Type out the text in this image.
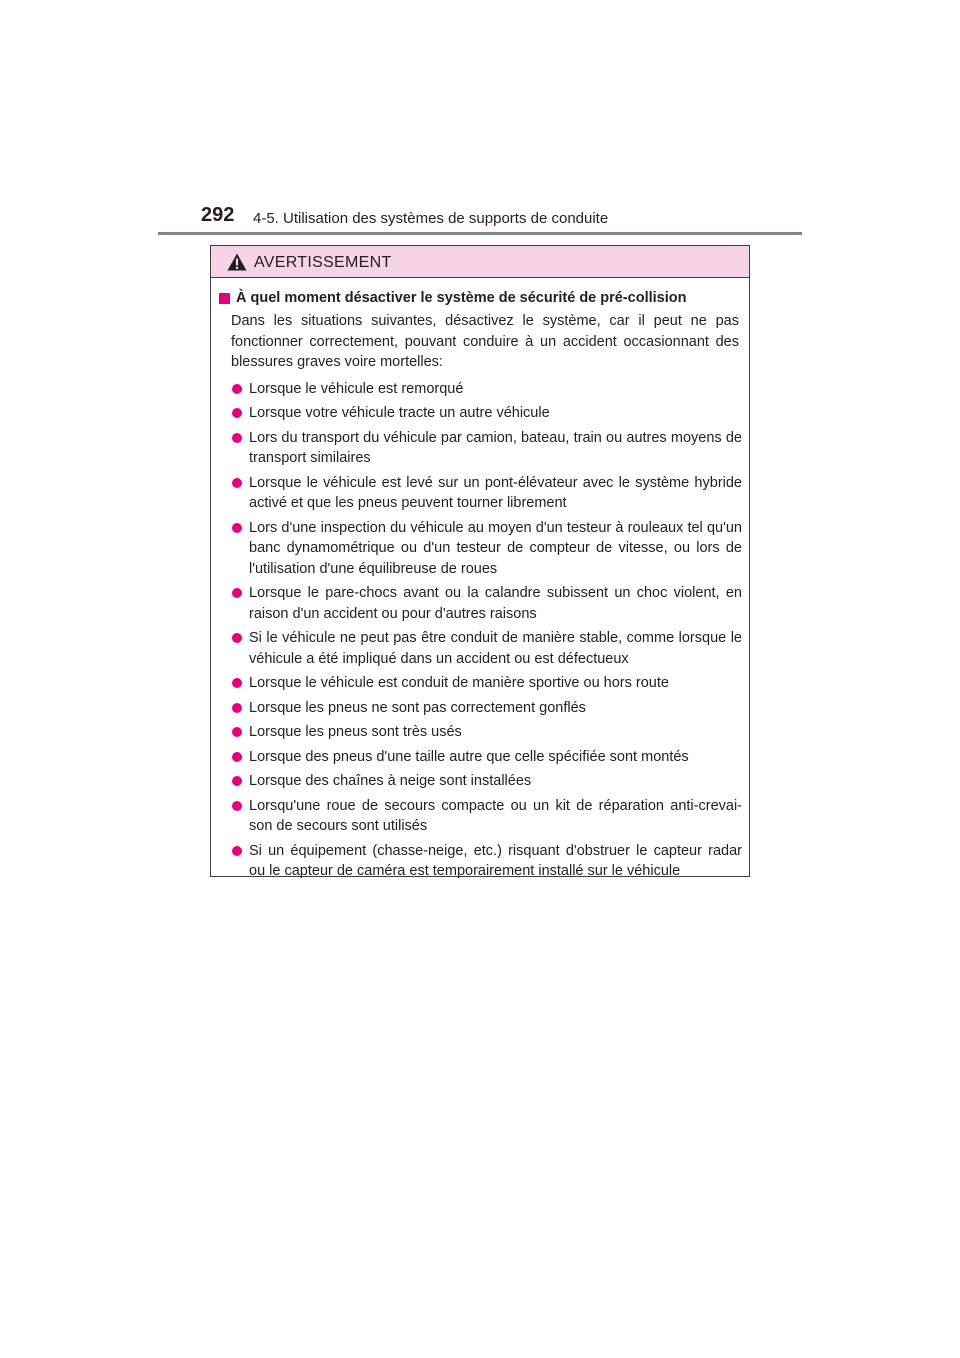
292 4-5. Utilisation des systèmes de supports de conduite
AVERTISSEMENT
À quel moment désactiver le système de sécurité de pré-collision
Dans les situations suivantes, désactivez le système, car il peut ne pas fonctionner correctement, pouvant conduire à un accident occasionnant des blessures graves voire mortelles:
Lorsque le véhicule est remorqué
Lorsque votre véhicule tracte un autre véhicule
Lors du transport du véhicule par camion, bateau, train ou autres moyens de transport similaires
Lorsque le véhicule est levé sur un pont-élévateur avec le système hybride activé et que les pneus peuvent tourner librement
Lors d'une inspection du véhicule au moyen d'un testeur à rouleaux tel qu'un banc dynamométrique ou d'un testeur de compteur de vitesse, ou lors de l'utilisation d'une équilibreuse de roues
Lorsque le pare-chocs avant ou la calandre subissent un choc violent, en raison d'un accident ou pour d'autres raisons
Si le véhicule ne peut pas être conduit de manière stable, comme lorsque le véhicule a été impliqué dans un accident ou est défectueux
Lorsque le véhicule est conduit de manière sportive ou hors route
Lorsque les pneus ne sont pas correctement gonflés
Lorsque les pneus sont très usés
Lorsque des pneus d'une taille autre que celle spécifiée sont montés
Lorsque des chaînes à neige sont installées
Lorsqu'une roue de secours compacte ou un kit de réparation anti-crevai-son de secours sont utilisés
Si un équipement (chasse-neige, etc.) risquant d'obstruer le capteur radar ou le capteur de caméra est temporairement installé sur le véhicule
